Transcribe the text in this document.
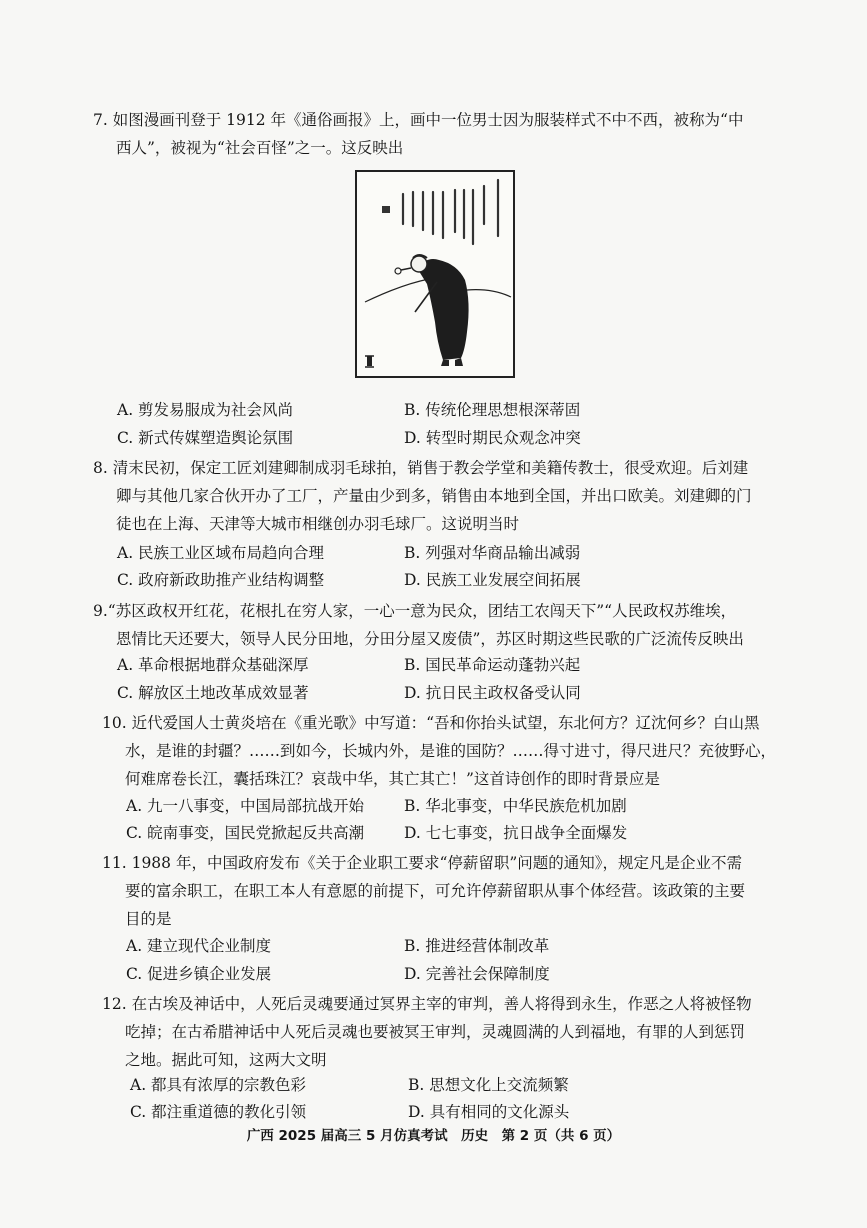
7. 如图漫画刊登于 1912 年《通俗画报》上，画中一位男士因为服装样式不中不西，被称为“中
西人”，被视为“社会百怪”之一。这反映出
A. 剪发易服成为社会风尚	B. 传统伦理思想根深蒂固
C. 新式传媒塑造舆论氛围	D. 转型时期民众观念冲突
8. 清末民初，保定工匠刘建卿制成羽毛球拍，销售于教会学堂和美籍传教士，很受欢迎。后刘建
卿与其他几家合伙开办了工厂，产量由少到多，销售由本地到全国，并出口欧美。刘建卿的门
徒也在上海、天津等大城市相继创办羽毛球厂。这说明当时
A. 民族工业区域布局趋向合理	B. 列强对华商品输出减弱
C. 政府新政助推产业结构调整	D. 民族工业发展空间拓展
9.“苏区政权开红花，花根扎在穷人家，一心一意为民众，团结工农闯天下”“人民政权苏维埃，
恩情比天还要大，领导人民分田地，分田分屋又废债”，苏区时期这些民歌的广泛流传反映出
A. 革命根据地群众基础深厚	B. 国民革命运动蓬勃兴起
C. 解放区土地改革成效显著	D. 抗日民主政权备受认同
10. 近代爱国人士黄炎培在《重光歌》中写道：“吾和你抬头试望，东北何方？辽沈何乡？白山黑
水，是谁的封疆？……到如今，长城内外，是谁的国防？……得寸进寸，得尺进尺？充彼野心，
何难席卷长江，囊括珠江？哀哉中华，其亡其亡！”这首诗创作的即时背景应是
A. 九一八事变，中国局部抗战开始	B. 华北事变，中华民族危机加剧
C. 皖南事变，国民党掀起反共高潮	D. 七七事变，抗日战争全面爆发
11. 1988 年，中国政府发布《关于企业职工要求“停薪留职”问题的通知》，规定凡是企业不需
要的富余职工，在职工本人有意愿的前提下，可允许停薪留职从事个体经营。该政策的主要
目的是
A. 建立现代企业制度	B. 推进经营体制改革
C. 促进乡镇企业发展	D. 完善社会保障制度
12. 在古埃及神话中，人死后灵魂要通过冥界主宰的审判，善人将得到永生，作恶之人将被怪物
吃掉；在古希腊神话中人死后灵魂也要被冥王审判，灵魂圆满的人到福地，有罪的人到惩罚
之地。据此可知，这两大文明
A. 都具有浓厚的宗教色彩	B. 思想文化上交流频繁
C. 都注重道德的教化引领	D. 具有相同的文化源头
广西 2025 届高三 5 月仿真考试　历史　第 2 页（共 6 页）
